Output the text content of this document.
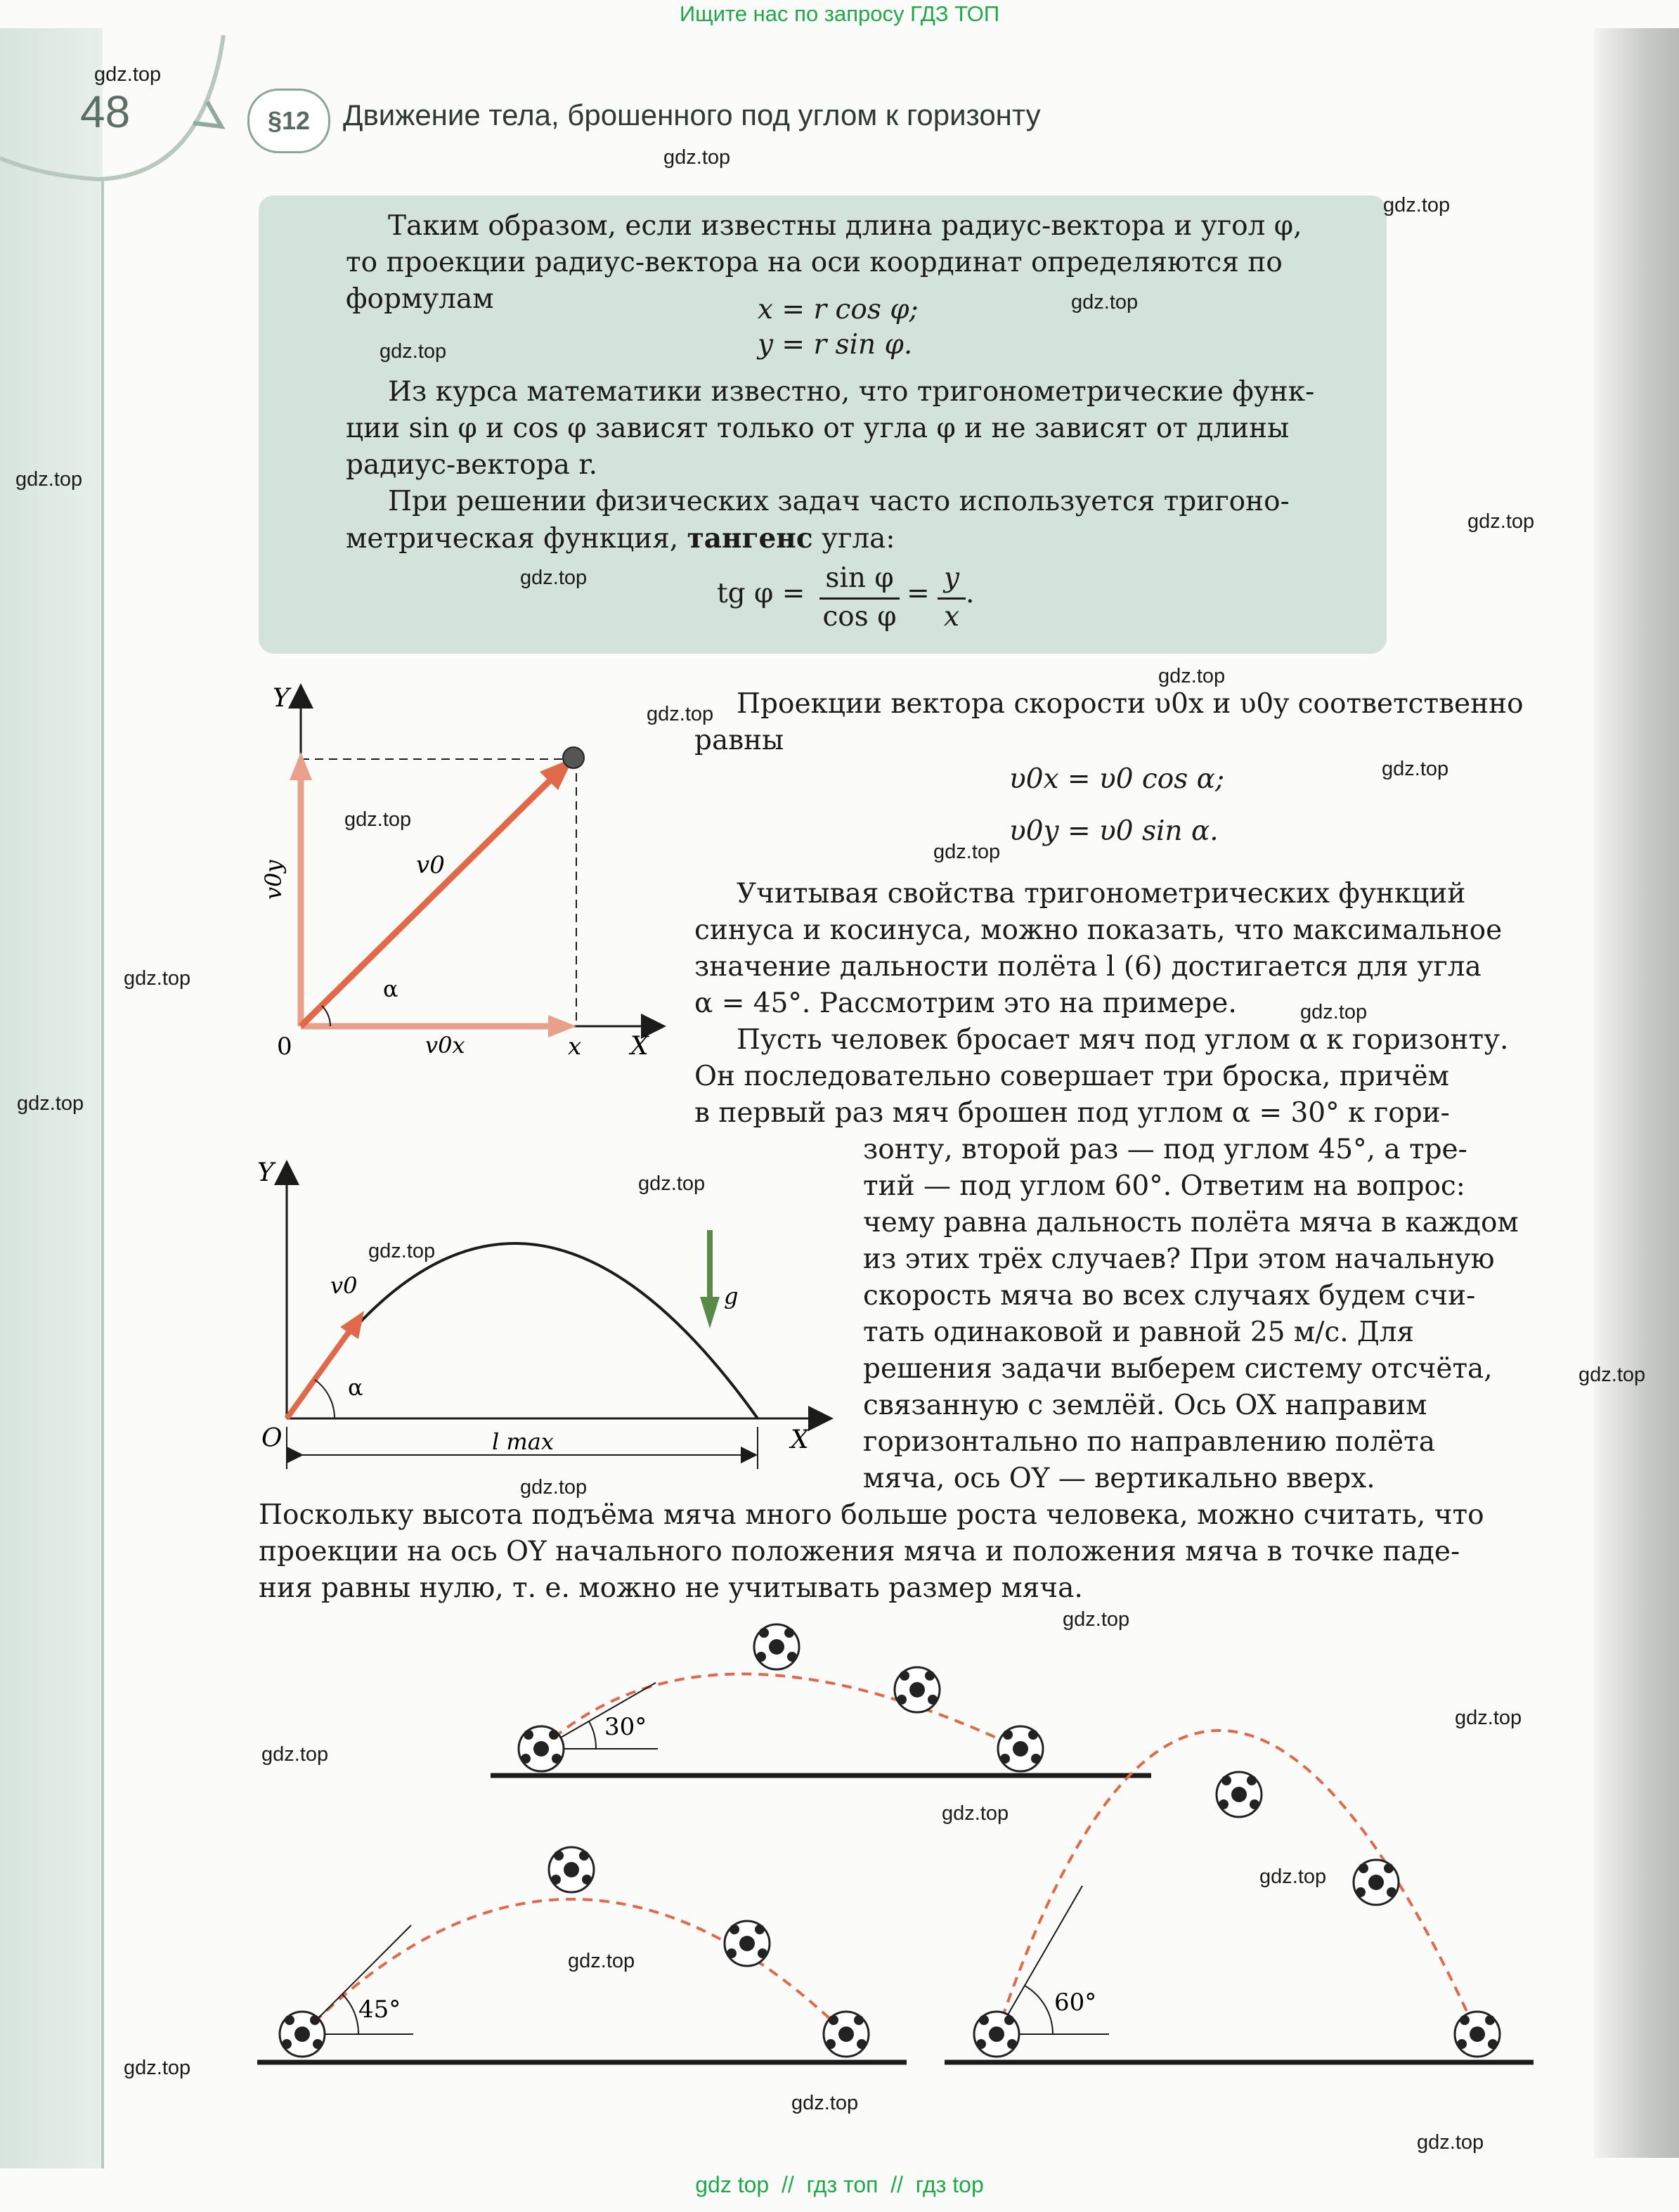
Ищите нас по запросу ГДЗ ТОП
48	§12	Движение тела, брошенного под углом к горизонту
Таким образом, если известны длина радиус-вектора и угол φ,
то проекции радиус-вектора на оси координат определяются по
формулам	x = r cos φ;
y = r sin φ.
Из курса математики известно, что тригонометрические функ-
ции sin φ и cos φ зависят только от угла φ и не зависят от длины
радиус-вектора r.
При решении физических задач часто используется тригоно-
метрическая функция, тангенс угла:
tg φ = sin φ
cos φ
= y
x
.
Y
X
0	x
v0x
v0y	v0
α
Проекции вектора скорости υ0x и υ0y соответственно
равны
υ0x = υ0 cos α;
υ0y = υ0 sin α.
Учитывая свойства тригонометрических функций
синуса и косинуса, можно показать, что максимальное
значение дальности полёта l (6) достигается для угла
α = 45°. Рассмотрим это на примере.
Пусть человек бросает мяч под углом α к горизонту.
Он последовательно совершает три броска, причём
в первый раз мяч брошен под углом α = 30° к гори-
зонту, второй раз — под углом 45°, а тре-
тий — под углом 60°. Ответим на вопрос:
чему равна дальность полёта мяча в каждом
из этих трёх случаев? При этом начальную
скорость мяча во всех случаях будем счи-
тать одинаковой и равной 25 м/с. Для
решения задачи выберем систему отсчёта,
связанную с землёй. Ось OX направим
горизонтально по направлению полёта
мяча, ось OY — вертикально вверх.
Поскольку высота подъёма мяча много больше роста человека, можно считать, что
проекции на ось OY начального положения мяча и положения мяча в точке паде-
ния равны нулю, т. е. можно не учитывать размер мяча.
Y
X
O
v0	g
α
l max
30°
45°	60°
gdz.top
gdz.top
gdz.top
gdz.top
gdz.top
gdz.top
gdz.top
gdz.top
gdz.top
gdz.top
gdz.top
gdz.top
gdz.top
gdz.top
gdz.top
gdz.top
gdz.top
gdz.top
gdz.top
gdz.top
gdz.top
gdz.top
gdz.top
gdz.top
gdz.top
gdz.top
gdz.top
gdz.top
gdz.top
gdz top  //  гдз топ  //  гдз top
